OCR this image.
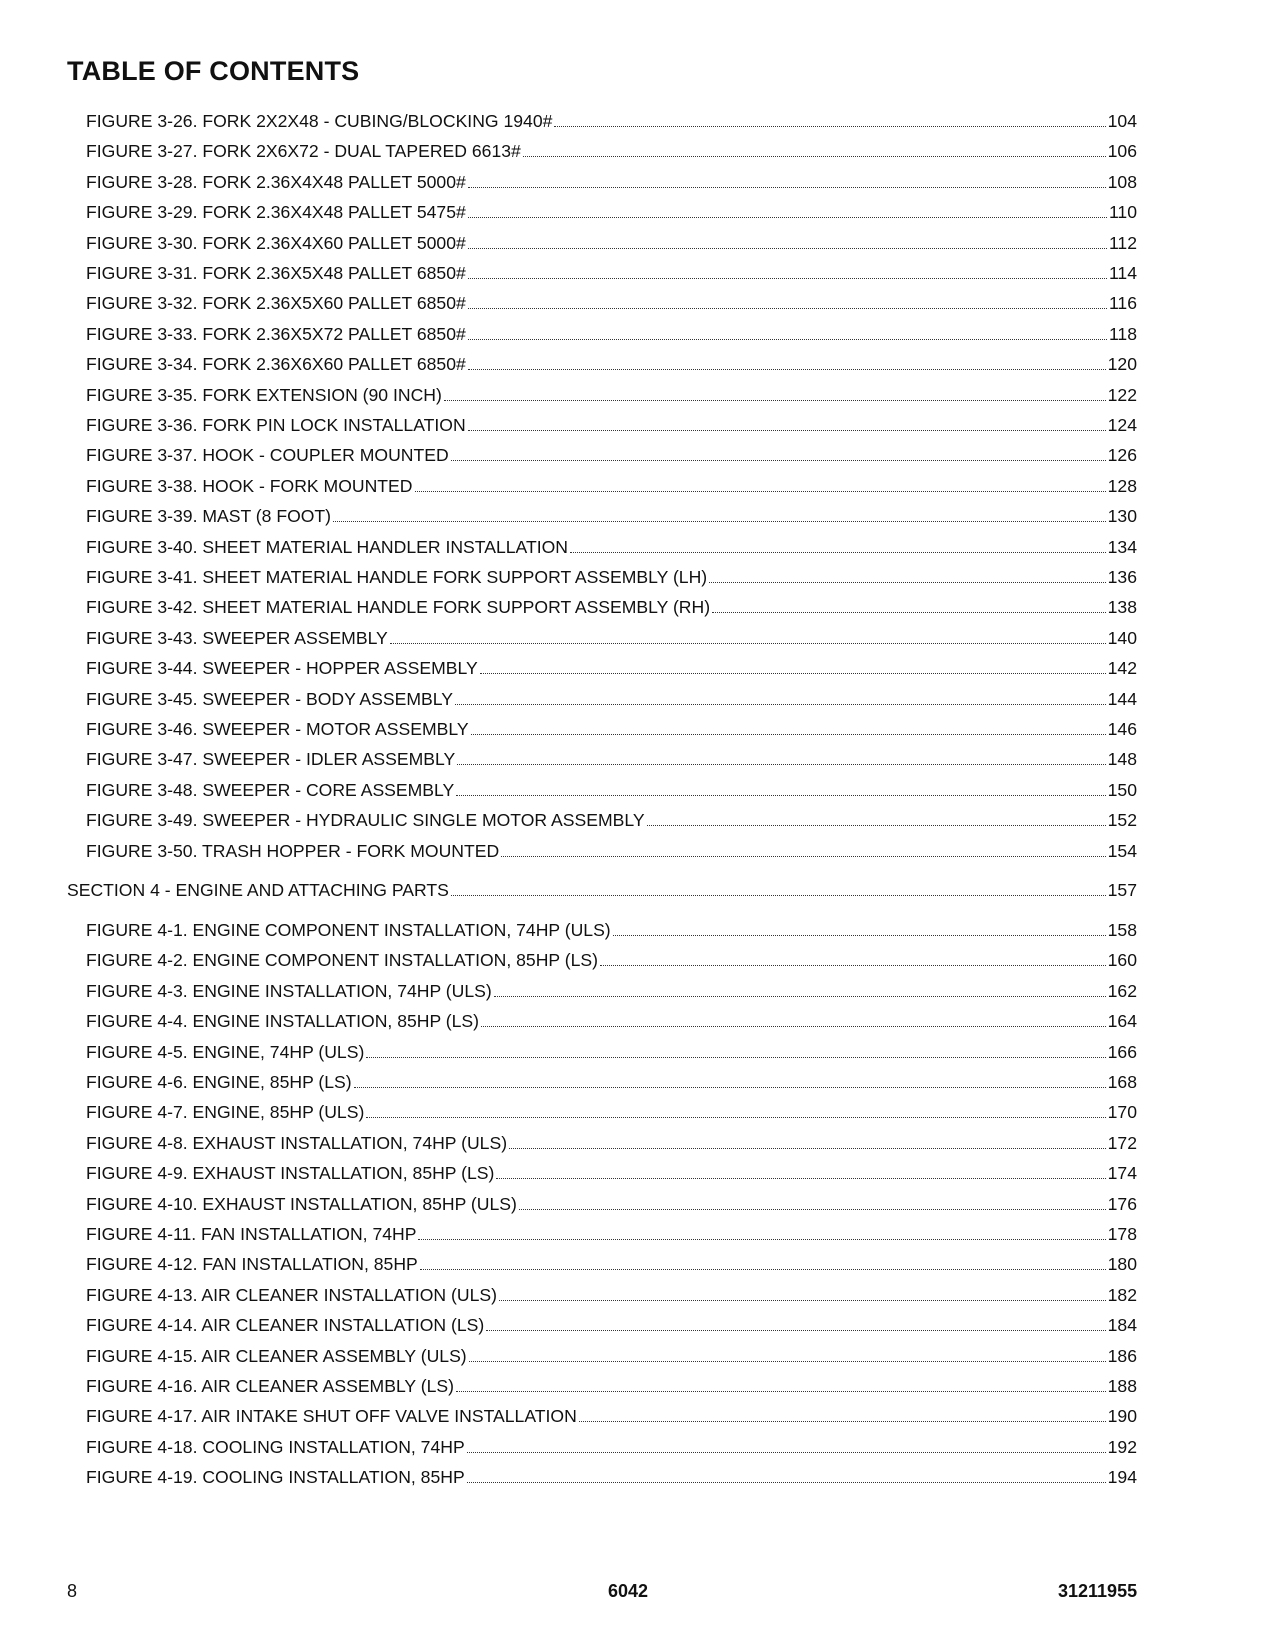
TABLE OF CONTENTS
FIGURE 3-26. FORK 2X2X48 - CUBING/BLOCKING 1940#	104
FIGURE 3-27. FORK 2X6X72 - DUAL TAPERED 6613#	106
FIGURE 3-28. FORK 2.36X4X48 PALLET 5000#	108
FIGURE 3-29. FORK 2.36X4X48 PALLET 5475#	110
FIGURE 3-30. FORK 2.36X4X60 PALLET 5000#	112
FIGURE 3-31. FORK 2.36X5X48 PALLET 6850#	114
FIGURE 3-32. FORK 2.36X5X60 PALLET 6850#	116
FIGURE 3-33. FORK 2.36X5X72 PALLET 6850#	118
FIGURE 3-34. FORK 2.36X6X60 PALLET 6850#	120
FIGURE 3-35. FORK EXTENSION (90 INCH)	122
FIGURE 3-36. FORK PIN LOCK INSTALLATION	124
FIGURE 3-37. HOOK - COUPLER MOUNTED	126
FIGURE 3-38. HOOK - FORK MOUNTED	128
FIGURE 3-39. MAST (8 FOOT)	130
FIGURE 3-40. SHEET MATERIAL HANDLER INSTALLATION	134
FIGURE 3-41. SHEET MATERIAL HANDLE FORK SUPPORT ASSEMBLY (LH)	136
FIGURE 3-42. SHEET MATERIAL HANDLE FORK SUPPORT ASSEMBLY (RH)	138
FIGURE 3-43. SWEEPER ASSEMBLY	140
FIGURE 3-44. SWEEPER - HOPPER ASSEMBLY	142
FIGURE 3-45. SWEEPER - BODY ASSEMBLY	144
FIGURE 3-46. SWEEPER - MOTOR ASSEMBLY	146
FIGURE 3-47. SWEEPER - IDLER ASSEMBLY	148
FIGURE 3-48. SWEEPER - CORE ASSEMBLY	150
FIGURE 3-49. SWEEPER - HYDRAULIC SINGLE MOTOR ASSEMBLY	152
FIGURE 3-50. TRASH HOPPER - FORK MOUNTED	154
SECTION 4 - ENGINE AND ATTACHING PARTS	157
FIGURE 4-1. ENGINE COMPONENT INSTALLATION, 74HP (ULS)	158
FIGURE 4-2. ENGINE COMPONENT INSTALLATION, 85HP (LS)	160
FIGURE 4-3. ENGINE INSTALLATION, 74HP (ULS)	162
FIGURE 4-4. ENGINE INSTALLATION, 85HP (LS)	164
FIGURE 4-5. ENGINE, 74HP (ULS)	166
FIGURE 4-6. ENGINE, 85HP (LS)	168
FIGURE 4-7. ENGINE, 85HP (ULS)	170
FIGURE 4-8. EXHAUST INSTALLATION, 74HP (ULS)	172
FIGURE 4-9. EXHAUST INSTALLATION, 85HP (LS)	174
FIGURE 4-10. EXHAUST INSTALLATION, 85HP (ULS)	176
FIGURE 4-11. FAN INSTALLATION, 74HP	178
FIGURE 4-12. FAN INSTALLATION, 85HP	180
FIGURE 4-13. AIR CLEANER INSTALLATION (ULS)	182
FIGURE 4-14. AIR CLEANER INSTALLATION (LS)	184
FIGURE 4-15. AIR CLEANER ASSEMBLY (ULS)	186
FIGURE 4-16. AIR CLEANER ASSEMBLY (LS)	188
FIGURE 4-17. AIR INTAKE SHUT OFF VALVE INSTALLATION	190
FIGURE 4-18. COOLING INSTALLATION, 74HP	192
FIGURE 4-19. COOLING INSTALLATION, 85HP	194
8	6042	31211955
